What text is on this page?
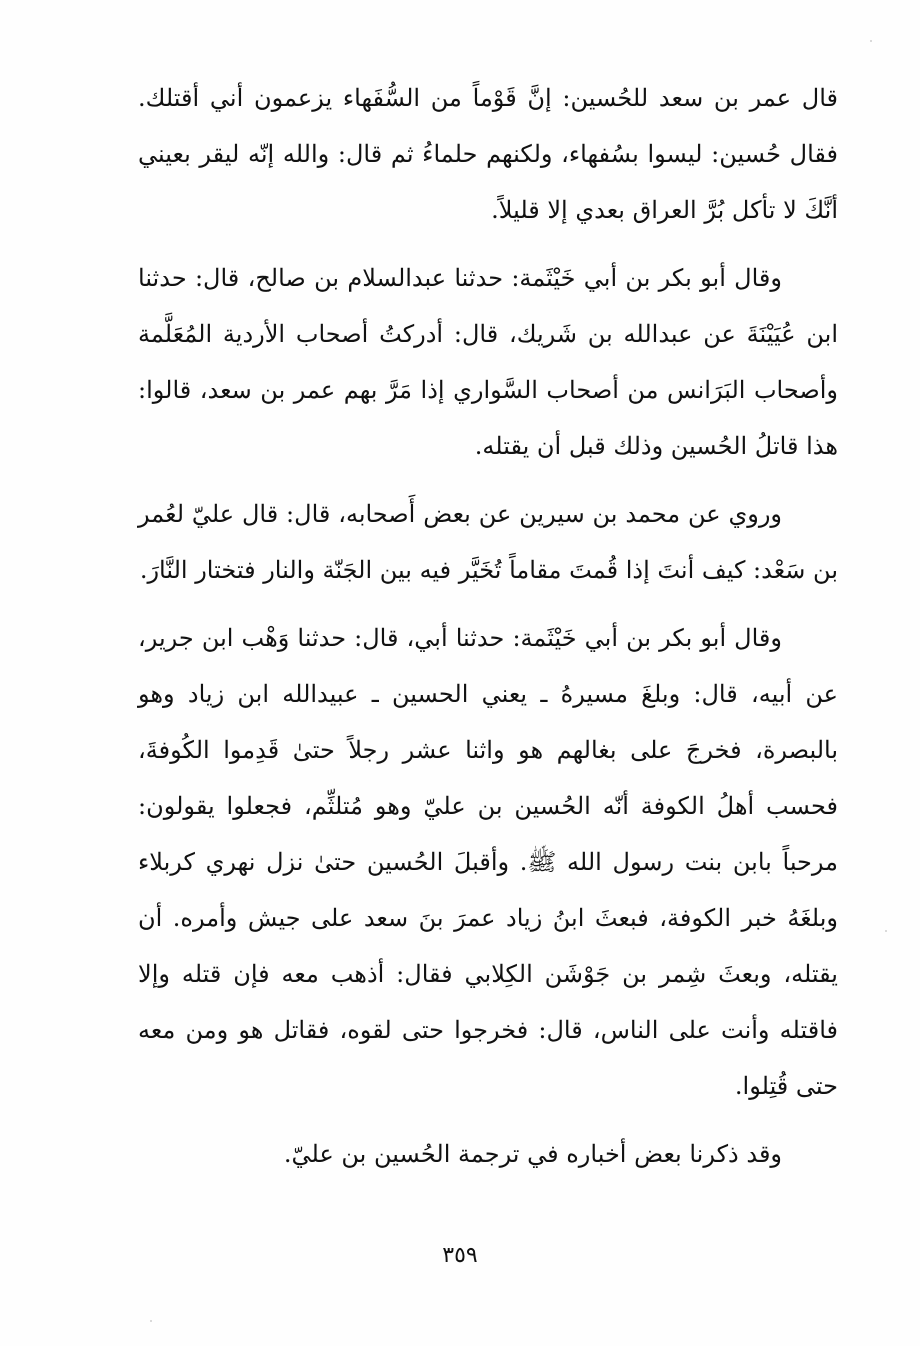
قال عمر بن سعد للحُسين: إنَّ قَوْماً من السُّفَهاء يزعمون أني أقتلك. فقال حُسين: ليسوا بسُفهاء، ولكنهم حلماءُ ثم قال: والله إنّه ليقر بعيني أنَّكَ لا تأكل بُرَّ العراق بعدي إلا قليلاً.

وقال أبو بكر بن أبي خَيْثَمة: حدثنا عبدالسلام بن صالح، قال: حدثنا ابن عُيَيْنَةَ عن عبدالله بن شَريك، قال: أدركتُ أصحاب الأردية المُعَلَّمة وأصحاب البَرَانس من أصحاب السَّواري إذا مَرَّ بهم عمر بن سعد، قالوا: هذا قاتلُ الحُسين وذلك قبل أن يقتله.

وروي عن محمد بن سيرين عن بعض أَصحابه، قال: قال عليّ لعُمر بن سَعْد: كيف أنتَ إذا قُمتَ مقاماً تُخَيَّر فيه بين الجَنّة والنار فتختار النَّارَ.

وقال أبو بكر بن أبي خَيْثَمة: حدثنا أبي، قال: حدثنا وَهْب ابن جرير، عن أبيه، قال: وبلغَ مسيرهُ ـ يعني الحسين ـ عبيدالله ابن زياد وهو بالبصرة، فخرجَ على بغالهم هو واثنا عشر رجلاً حتىٰ قَدِموا الكُوفةَ، فحسب أهلُ الكوفة أنّه الحُسين بن عليّ وهو مُتلثِّم، فجعلوا يقولون: مرحباً بابن بنت رسول الله ﷺ. وأقبلَ الحُسين حتىٰ نزل نهري كربلاء وبلغَهُ خبر الكوفة، فبعثَ ابنُ زياد عمرَ بنَ سعد على جيش وأمره. أن يقتله، وبعثَ شِمر بن جَوْشَن الكِلابي فقال: أذهب معه فإن قتله وإلا فاقتله وأنت على الناس، قال: فخرجوا حتى لقوه، فقاتل هو ومن معه حتى قُتِلوا.

وقد ذكرنا بعض أخباره في ترجمة الحُسين بن عليّ.

٣٥٩
